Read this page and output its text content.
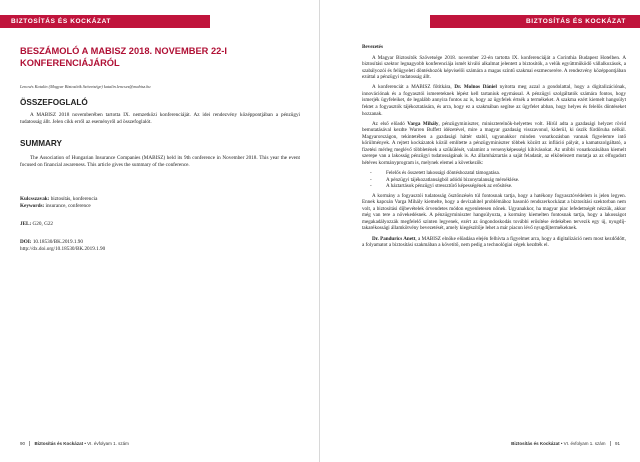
BIZTOSÍTÁS ÉS KOCKÁZAT
BESZÁMOLÓ A MABISZ 2018. NOVEMBER 22-I KONFERENCIÁJÁRÓL
Lencsés Katalin (Magyar Biztosítók Szövetsége) katalin.lencses@mabisz.hu
ÖSSZEFOGLALÓ
A MABISZ 2018 novemberében tartotta IX. nemzetközi konferenciáját. Az idei rendezvény középpontjában a pénzügyi tudatosság állt. Jelen cikk erről az eseményről ad összefoglalót.
SUMMARY
The Association of Hungarian Insurance Companies (MABISZ) held its 9th conference in November 2018. This year the event focused on financial awareness. This article gives the summary of the conference.
Kulcsszavak: biztosítás, konferencia
Keywords: insurance, conference
JEL: G20, G22
DOI: 10.18530/BK.2019.1.90
http://dx.doi.org/10.18530/BK.2019.1.90
90 Biztosítás és Kockázat • VI. évfolyam 1. szám
BIZTOSÍTÁS ÉS KOCKÁZAT
Bevezetés

A Magyar Biztosítók Szövetsége 2018. november 22-én tartotta IX. konferenciáját a Corinthia Budapest Hotelben. A biztosítási szektor legnagyobb konferenciája ismét kiváló alkalmat jelentett a biztosítók, a velük együttműködő vállalkozások, a szabályozói és felügyeleti döntéshozók képviselői számára a magas színtű szakmai eszmecserére. A rendezvény középpontjában ezúttal a pénzügyi tudatosság állt.

A konferenciát a MABISZ főtitkára, Dr. Molnos Dániel nyitotta meg azzal a gondolattal, hogy a digitalizációnak, innovációnak és a fogyasztói ismereteknek lépést kell tartaniuk egymással. A pénzügyi szolgáltatók számára fontos, hogy ismerjék ügyfeleiket, de legalább annyira fontos az is, hogy az ügyfelek értsék a termékeket. A szakma ezért kiemelt hangsúlyt fektet a fogyasztók tájékoztatására, és arra, hogy ez a szakmában segítse az ügyfelet abban, hogy helyes és felelős döntéseket hozzanak.

Az első előadó Varga Mihály, pénzügyminiszter, miniszterelnök-helyettes volt. Hírül adta a gazdasági helyzet rövid bemutatásával kezdte Warren Buffett idézetével, mire a magyar gazdaság visszavonul, kiderül, ki úszik fürdőruha nélkül. Magyarországon, tekintetében a gazdasági háttér stabil, ugyanakkor minden vonatkozásban vannak figyelemre intő körülmények. A rejtett kockázatok közül említette a pénzügyminiszter többek között az infláció pályát, a kamatszolgáltató, a fizetési mérleg meglévő többletének a szűkülését, valamint a versenyképességi kihívásokat. Az utóbbi vonatkozásában kiemelt szerepe van a lakosság pénzügyi tudatosságának is. Az államháztartás a saját feladatát, az elkötelezett mutatja az az elfogadott hétéves kormányprogram is, melynek elemei a következők:

- Felelős és összetett lakossági döntéshozatal támogatása.
- A pénzügyi tájékozatlanságból adódó bizonytalanság mérséklése.
- A háztartások pénzügyi stressztűrő képességének az erősítése.

A kormány a fogyasztói tudatosság ösztönzésén túl fontosnak tartja, hogy a hatékony fogyasztóvédelem is jelen legyen. Ennek kapcsán Varga Mihály kiemelte, hogy a devizahitel problémához hasonló rendszerkockázat a biztosítási szektorban nem volt, a biztosítási díjbevételek örvendetes módon egyenletesen nőnek. Ugyanakkor, ha magyar piac lefedettségét nézzük, akkor még van tere a növekedésnek. A pénzügyminiszter hangsúlyozta, a kormány kiemelten fontosnak tartja, hogy a lakosságot megakadályozzák megfelelő szinten legyenek, ezért az öngondoskodás további erősítése érdekében tervezik egy új, nyugdíj-takarékossági államkötvény bevezetését, amely kiegészítője lehet a már piacon lévő nyugdíjtermékeknek.

Dr. Pandurics Anett, a MABISZ elnöke előadása elején felhívta a figyelmet arra, hogy a digitalizáció nem most kezdődött, a folyamatot a biztosítási szakmában a követítő, nem pedig a technológiai cégek kezdték el.

Biztosítás és Kockázat • VI. évfolyam 1. szám 91
